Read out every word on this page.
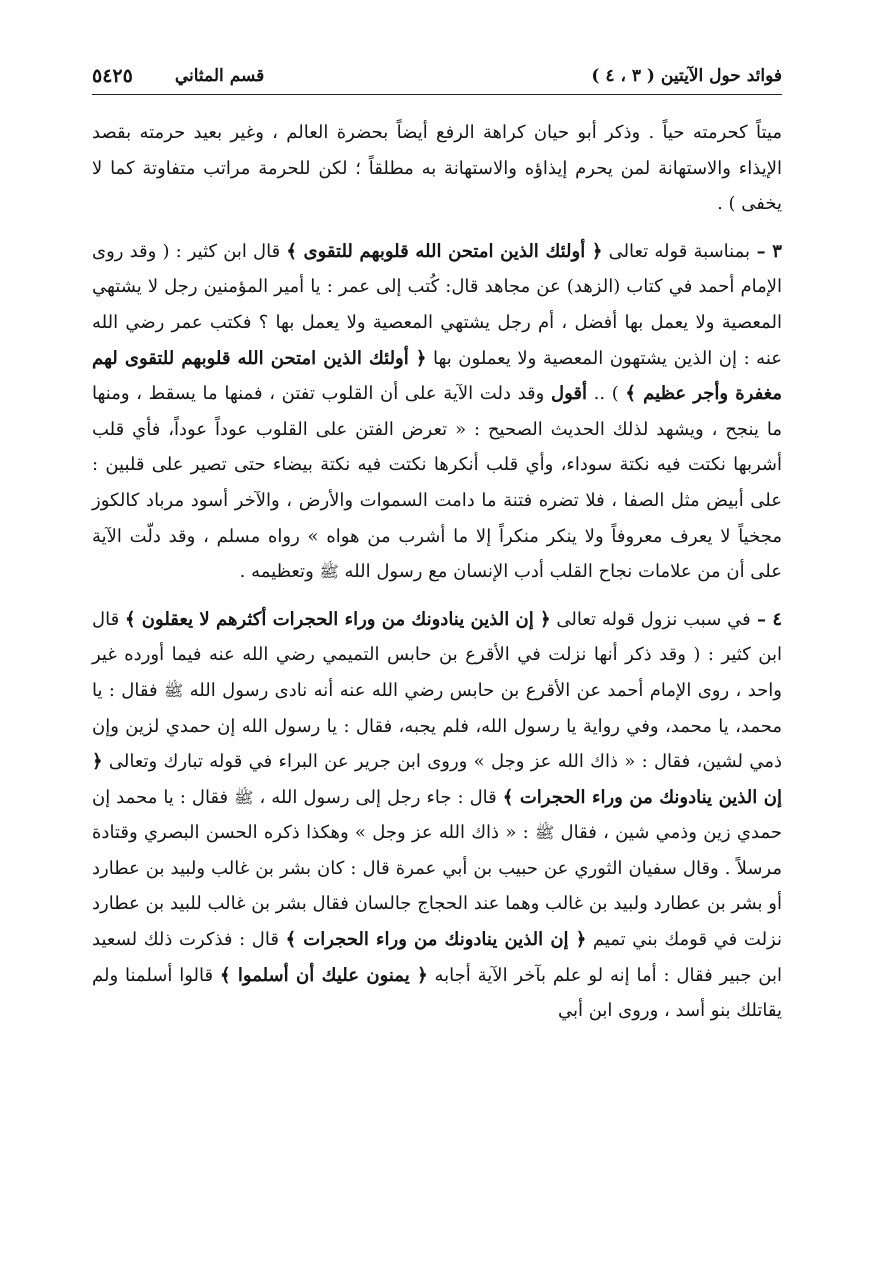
فوائد حول الآيتين ( ٣ ، ٤ )
قسم المثاني
٥٤٢٥

ميتاً كحرمته حياً . وذكر أبو حيان كراهة الرفع أيضاً بحضرة العالم ، وغير بعيد حرمته بقصد الإيذاء والاستهانة لمن يحرم إيذاؤه والاستهانة به مطلقاً ؛ لكن للحرمة مراتب متفاوتة كما لا يخفى ) .

٣ – بمناسبة قوله تعالى ﴿ أولئك الذين امتحن الله قلوبهم للتقوى ﴾ قال ابن كثير : ( وقد روى الإمام أحمد في كتاب (الزهد) عن مجاهد قال: كُتب إلى عمر : يا أمير المؤمنين رجل لا يشتهي المعصية ولا يعمل بها أفضل ، أم رجل يشتهي المعصية ولا يعمل بها ؟ فكتب عمر رضي الله عنه : إن الذين يشتهون المعصية ولا يعملون بها ﴿ أولئك الذين امتحن الله قلوبهم للتقوى لهم مغفرة وأجر عظيم ﴾ ) .. أقول وقد دلت الآية على أن القلوب تفتن ، فمنها ما يسقط ، ومنها ما ينجح ، ويشهد لذلك الحديث الصحيح : « تعرض الفتن على القلوب عوداً عوداً، فأي قلب أشربها نكتت فيه نكتة سوداء، وأي قلب أنكرها نكتت فيه نكتة بيضاء حتى تصير على قلبين : على أبيض مثل الصفا ، فلا تضره فتنة ما دامت السموات والأرض ، والآخر أسود مرباد كالكوز مجخياً لا يعرف معروفاً ولا ينكر منكراً إلا ما أشرب من هواه » رواه مسلم ، وقد دلّت الآية على أن من علامات نجاح القلب أدب الإنسان مع رسول الله ﷺ وتعظيمه .

٤ – في سبب نزول قوله تعالى ﴿ إن الذين ينادونك من وراء الحجرات أكثرهم لا يعقلون ﴾ قال ابن كثير : ( وقد ذكر أنها نزلت في الأقرع بن حابس التميمي رضي الله عنه فيما أورده غير واحد ، روى الإمام أحمد عن الأقرع بن حابس رضي الله عنه أنه نادى رسول الله ﷺ فقال : يا محمد، يا محمد، وفي رواية يا رسول الله، فلم يجبه، فقال : يا رسول الله إن حمدي لزين وإن ذمي لشين، فقال : « ذاك الله عز وجل » وروى ابن جرير عن البراء في قوله تبارك وتعالى ﴿ إن الذين ينادونك من وراء الحجرات ﴾ قال : جاء رجل إلى رسول الله ، ﷺ فقال : يا محمد إن حمدي زين وذمي شين ، فقال ﷺ : « ذاك الله عز وجل » وهكذا ذكره الحسن البصري وقتادة مرسلاً . وقال سفيان الثوري عن حبيب بن أبي عمرة قال : كان بشر بن غالب ولبيد بن عطارد أو بشر بن عطارد ولبيد بن غالب وهما عند الحجاج جالسان فقال بشر بن غالب للبيد بن عطارد نزلت في قومك بني تميم ﴿ إن الذين ينادونك من وراء الحجرات ﴾ قال : فذكرت ذلك لسعيد ابن جبير فقال : أما إنه لو علم بآخر الآية أجابه ﴿ يمنون عليك أن أسلموا ﴾ قالوا أسلمنا ولم يقاتلك بنو أسد ، وروى ابن أبي
